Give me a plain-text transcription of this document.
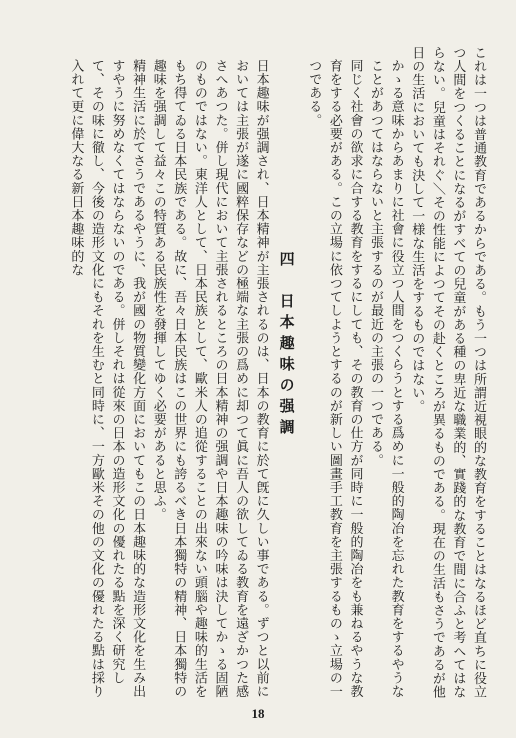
これは一つは普通教育であるからである。もう一つは所謂近視眼的な教育をすることはなるほど直ちに役立つ人間をつくることになるがすべての兒童がある種の卑近な職業的、實踐的な教育で間に合ふと考へてはならない。兒童はそれぐ＼その性能によつてその赴くところが異るものである。現在の生活もさうであるが他日の生活においても決して一様な生活をするものではない。

かゝる意味からあまりに社會に役立つ人間をつくらうとする爲めに一般的陶冶を忘れた教育をするやうなことがあつてはならないと主張するのが最近の主張の一つである。

同じく社會の欲求に合する教育をするにしても、その教育の仕方が同時に一般的陶冶をも兼ねるやうな教育をする必要がある。この立場に依つてしようとするのが新しい圖畫手工教育を主張するものゝ立場の一つである。

四　日本趣味の强調

日本趣味が强調され、日本精神が主張されるのは、日本の教育に於て旣に久しい事である。ずつと以前においては主張が遂に國粹保存などの極端な主張の爲めに却つて眞に吾人の欲してゐる教育を遠ざかつた感さへあつた。併し現代において主張されるところの日本精神の强調や日本趣味の吟味は決してかゝる固陋のものではない。東洋人として、日本民族として、歐米人の追從することの出來ない頭腦や趣味的生活をもち得てゐる日本民族である。故に、吾々日本民族はこの世界にも誇るべき日本獨特の精神、日本獨特の趣味を强調して益々この特質ある民族性を發揮してゆく必要があると思ふ。

精神生活に於てさうであるやうに、我が國の物質變化方面においてもこの日本趣味的な造形文化を生み出すやうに努めなくてはならないのである。併しそれは從來の日本の造形文化の優れたる點を深く研究して、その味に徹し、今後の造形文化にもそれを生むと同時に、一方歐米その他の文化の優れたる點は採り入れて更に偉大なる新日本趣味的な

18
